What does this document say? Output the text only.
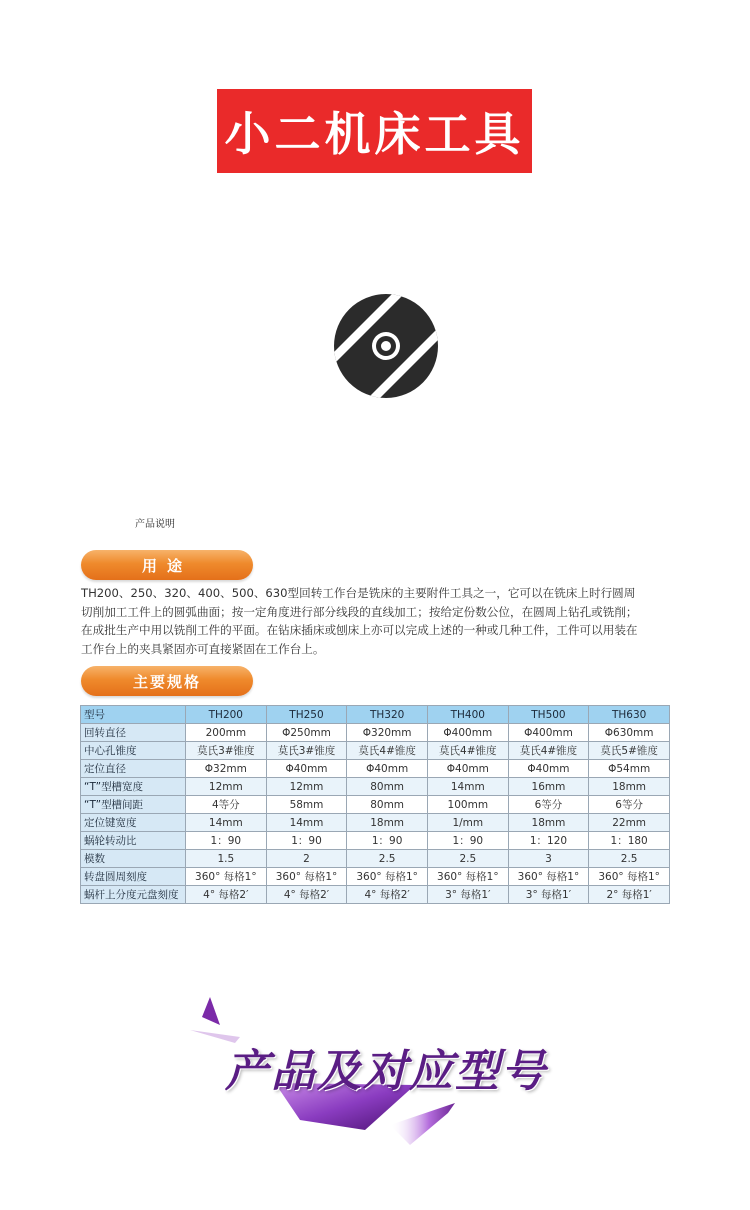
小二机床工具
产品说明
用途

TH200、250、320、400、500、630型回转工作台是铣床的主要附件工具之一，它可以在铣床上时行圆周

切削加工工件上的圆弧曲面；按一定角度进行部分线段的直线加工；按给定份数公位，在圆周上钻孔或铣削；

在成批生产中用以铣削工件的平面。在钻床插床或刨床上亦可以完成上述的一种或几种工件，工件可以用装在

工作台上的夹具紧固亦可直接紧固在工作台上。

主要规格
型号	TH200	TH250	TH320	TH400	TH500	TH630
回转直径	200mm	Φ250mm	Φ320mm	Φ400mm	Φ400mm	Φ630mm
中心孔锥度	莫氏3#锥度	莫氏3#锥度	莫氏4#锥度	莫氏4#锥度	莫氏4#锥度	莫氏5#锥度
定位直径	Φ32mm	Φ40mm	Φ40mm	Φ40mm	Φ40mm	Φ54mm
“T”型槽宽度	12mm	12mm	80mm	14mm	16mm	18mm
“T”型槽间距	4等分	58mm	80mm	100mm	6等分	6等分
定位键宽度	14mm	14mm	18mm	1/mm	18mm	22mm
蜗轮转动比	1：90	1：90	1：90	1：90	1：120	1：180
模数	1.5	2	2.5	2.5	3	2.5
转盘圆周刻度	360° 每格1°	360° 每格1°	360° 每格1°	360° 每格1°	360° 每格1°	360° 每格1°
蜗杆上分度元盘刻度	4° 每格2′	4° 每格2′	4° 每格2′	3° 每格1′	3° 每格1′	2° 每格1′
产品及对应型号
